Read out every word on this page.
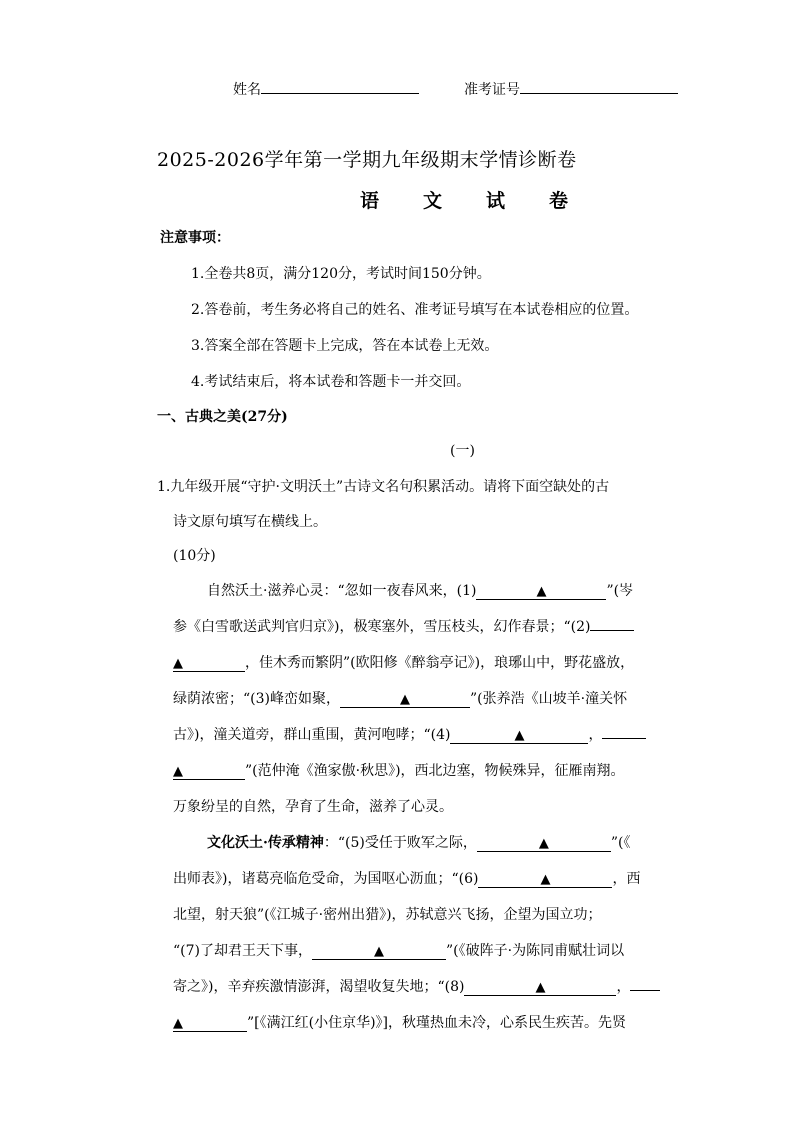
姓名	准考证号
2025-2026学年第一学期九年级期末学情诊断卷
语 文 试 卷
注意事项：
1.全卷共8页，满分120分，考试时间150分钟。
2.答卷前，考生务必将自己的姓名、准考证号填写在本试卷相应的位置。
3.答案全部在答题卡上完成，答在本试卷上无效。
4.考试结束后，将本试卷和答题卡一并交回。
一、古典之美(27分)
(一)
1.九年级开展“守护·文明沃土”古诗文名句积累活动。请将下面空缺处的古
诗文原句填写在横线上。
(10分)
自然沃土·滋养心灵：“忽如一夜春风来，(1)	▲	”(岑
参《白雪歌送武判官归京》)，极寒塞外，雪压枝头，幻作春景；“(2)
▲	，佳木秀而繁阴”(欧阳修《醉翁亭记》)，琅琊山中，野花盛放，
绿荫浓密；“(3)峰峦如聚，	▲	”(张养浩《山坡羊·潼关怀
古》)，潼关道旁，群山重围，黄河咆哮；“(4)	▲	，
▲	”(范仲淹《渔家傲·秋思》)，西北边塞，物候殊异，征雁南翔。
万象纷呈的自然，孕育了生命，滋养了心灵。
文化沃土·传承精神：“(5)受任于败军之际，	▲	”(《
出师表》)，诸葛亮临危受命，为国呕心沥血；“(6)	▲	，西
北望，射天狼”(《江城子·密州出猎》)，苏轼意兴飞扬，企望为国立功；
“(7)了却君王天下事，	▲	”(《破阵子·为陈同甫赋壮词以
寄之》)，辛弃疾激情澎湃，渴望收复失地；“(8)	▲	，
▲	”[《满江红(小住京华)》]，秋瑾热血未冷，心系民生疾苦。先贤
